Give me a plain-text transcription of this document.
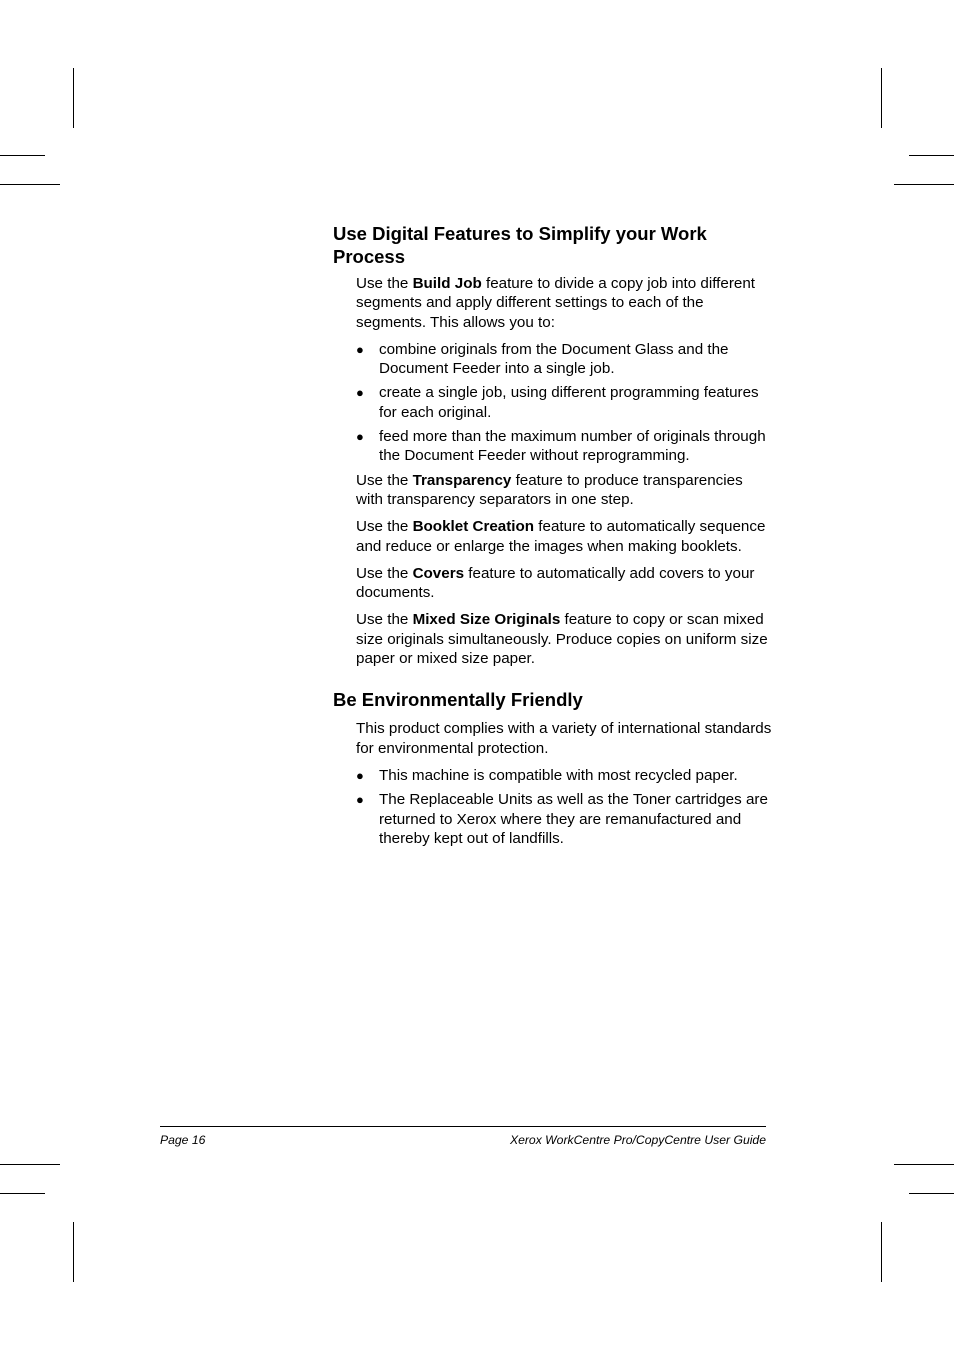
Use Digital Features to Simplify your Work Process

Use the Build Job feature to divide a copy job into different segments and apply different settings to each of the segments. This allows you to:

● combine originals from the Document Glass and the Document Feeder into a single job.
● create a single job, using different programming features for each original.
● feed more than the maximum number of originals through the Document Feeder without reprogramming.

Use the Transparency feature to produce transparencies with transparency separators in one step.

Use the Booklet Creation feature to automatically sequence and reduce or enlarge the images when making booklets.

Use the Covers feature to automatically add covers to your documents.

Use the Mixed Size Originals feature to copy or scan mixed size originals simultaneously. Produce copies on uniform size paper or mixed size paper.

Be Environmentally Friendly

This product complies with a variety of international standards for environmental protection.

● This machine is compatible with most recycled paper.
● The Replaceable Units as well as the Toner cartridges are returned to Xerox where they are remanufactured and thereby kept out of landfills.
Page 16	Xerox WorkCentre Pro/CopyCentre User Guide
